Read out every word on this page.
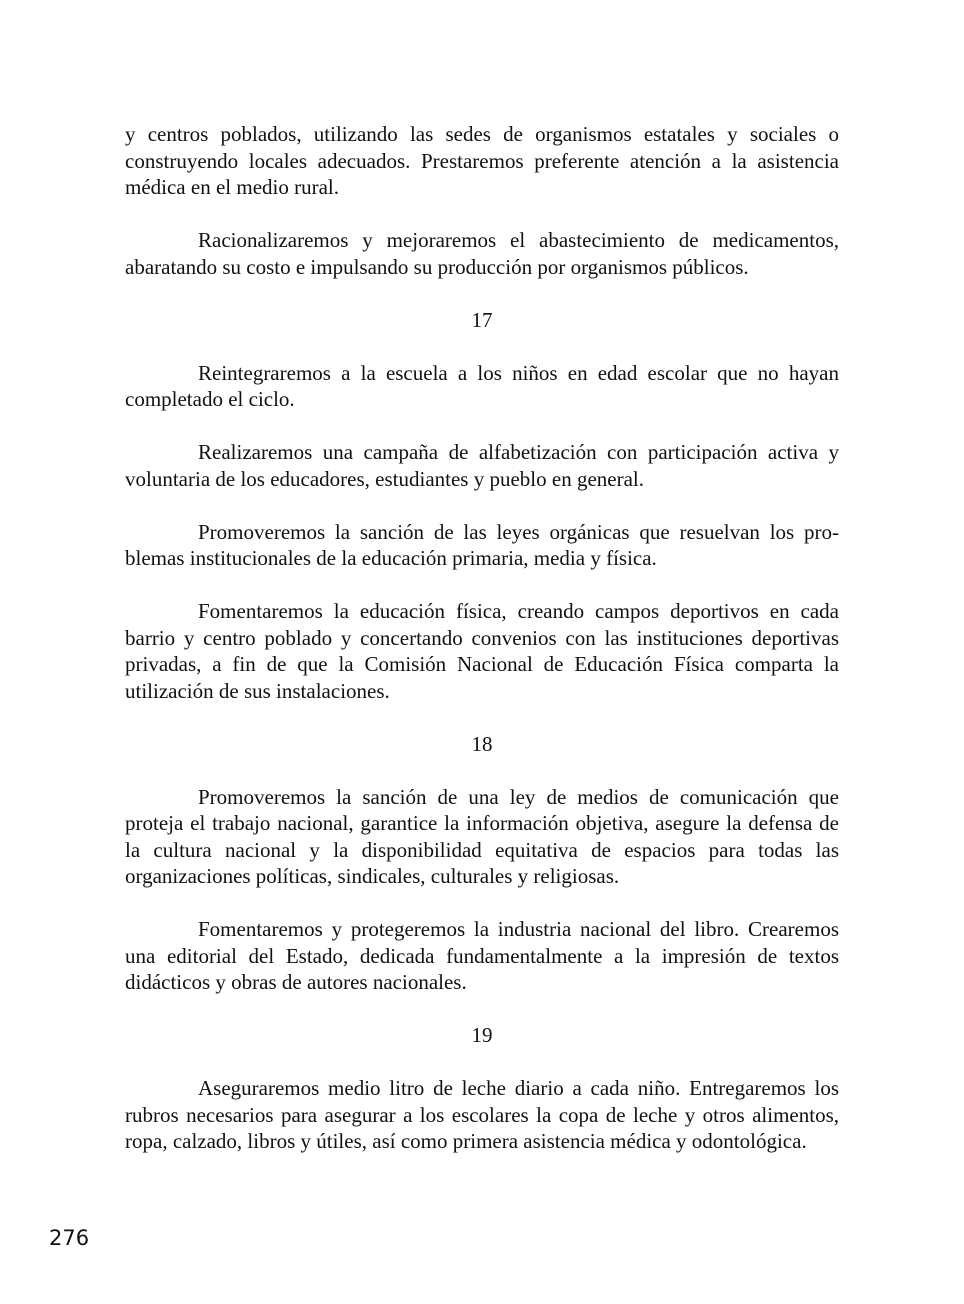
y centros poblados, utilizando las sedes de organismos estatales y sociales o construyendo locales adecuados. Prestaremos preferente atención a la asistencia médica en el medio rural.

Racionalizaremos y mejoraremos el abastecimiento de medicamentos, abaratando su costo e impulsando su producción por organismos públicos.

17

Reintegraremos a la escuela a los niños en edad escolar que no hayan completado el ciclo.

Realizaremos una campaña de alfabetización con participación activa y voluntaria de los educadores, estudiantes y pueblo en general.

Promoveremos la sanción de las leyes orgánicas que resuelvan los problemas institucionales de la educación primaria, media y física.

Fomentaremos la educación física, creando campos deportivos en cada barrio y centro poblado y concertando convenios con las instituciones deportivas privadas, a fin de que la Comisión Nacional de Educación Física comparta la utilización de sus instalaciones.

18

Promoveremos la sanción de una ley de medios de comunicación que proteja el trabajo nacional, garantice la información objetiva, asegure la defensa de la cultura nacional y la disponibilidad equitativa de espacios para todas las organizaciones políticas, sindicales, culturales y religiosas.

Fomentaremos y protegeremos la industria nacional del libro. Crearemos una editorial del Estado, dedicada fundamentalmente a la impresión de textos didácticos y obras de autores nacionales.

19

Aseguraremos medio litro de leche diario a cada niño. Entregaremos los rubros necesarios para asegurar a los escolares la copa de leche y otros alimentos, ropa, calzado, libros y útiles, así como primera asistencia médica y odontológica.

276
